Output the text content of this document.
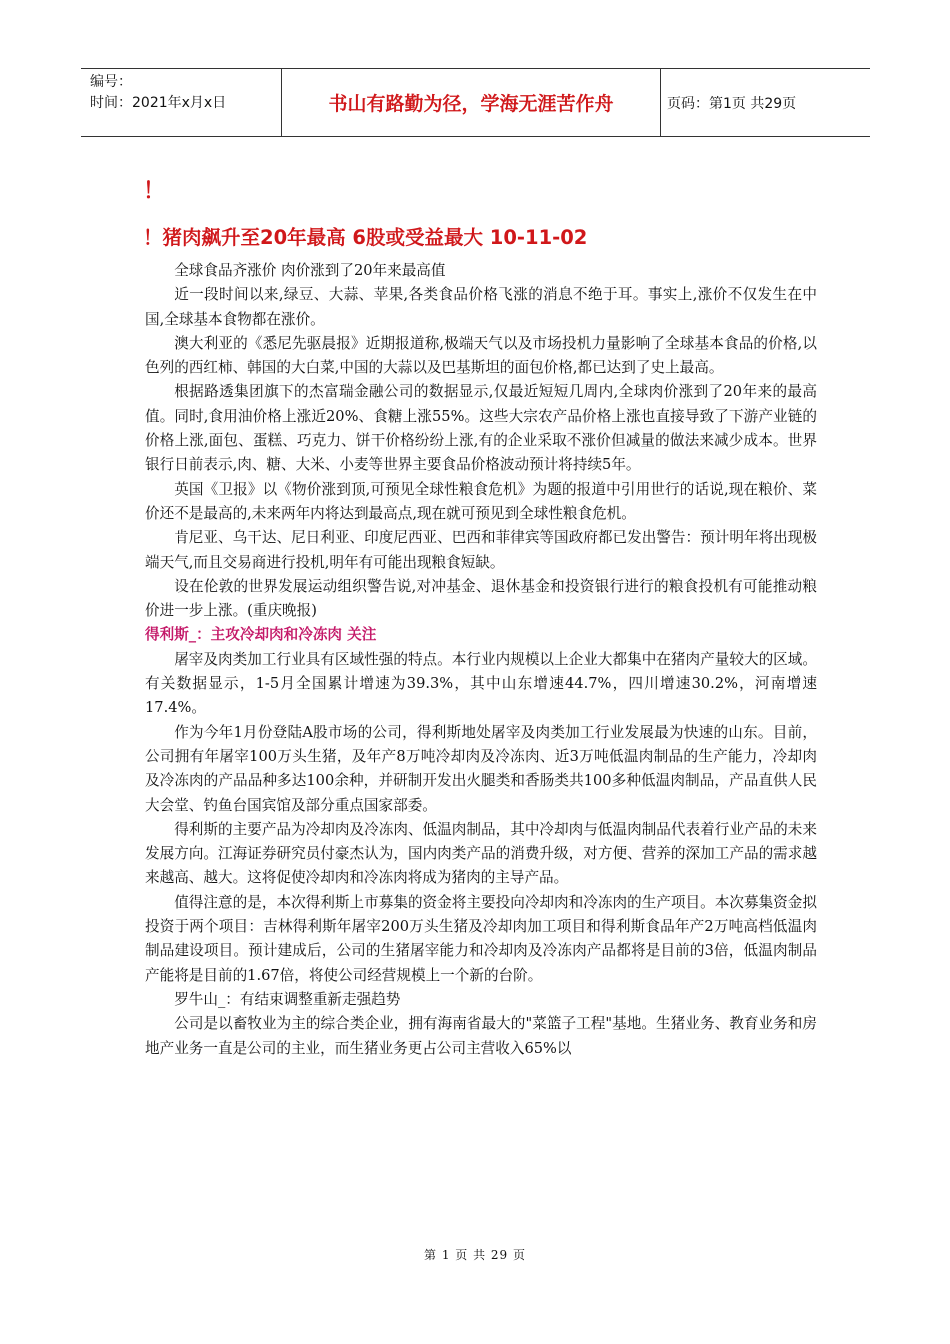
编号：
时间：2021年x月x日	书山有路勤为径，学海无涯苦作舟	页码：第1页 共29页
！
！猪肉飙升至20年最高 6股或受益最大 10-11-02

全球食品齐涨价 肉价涨到了20年来最高值

近一段时间以来,绿豆、大蒜、苹果,各类食品价格飞涨的消息不绝于耳。事实上,涨价不仅发生在中国,全球基本食物都在涨价。

澳大利亚的《悉尼先驱晨报》近期报道称,极端天气以及市场投机力量影响了全球基本食品的价格,以色列的西红柿、韩国的大白菜,中国的大蒜以及巴基斯坦的面包价格,都已达到了史上最高。

根据路透集团旗下的杰富瑞金融公司的数据显示,仅最近短短几周内,全球肉价涨到了20年来的最高值。同时,食用油价格上涨近20%、食糖上涨55%。这些大宗农产品价格上涨也直接导致了下游产业链的价格上涨,面包、蛋糕、巧克力、饼干价格纷纷上涨,有的企业采取不涨价但减量的做法来减少成本。世界银行日前表示,肉、糖、大米、小麦等世界主要食品价格波动预计将持续5年。

英国《卫报》以《物价涨到顶,可预见全球性粮食危机》为题的报道中引用世行的话说,现在粮价、菜价还不是最高的,未来两年内将达到最高点,现在就可预见到全球性粮食危机。

肯尼亚、乌干达、尼日利亚、印度尼西亚、巴西和菲律宾等国政府都已发出警告：预计明年将出现极端天气,而且交易商进行投机,明年有可能出现粮食短缺。

设在伦敦的世界发展运动组织警告说,对冲基金、退休基金和投资银行进行的粮食投机有可能推动粮价进一步上涨。(重庆晚报)

得利斯_：主攻冷却肉和冷冻肉 关注

屠宰及肉类加工行业具有区域性强的特点。本行业内规模以上企业大都集中在猪肉产量较大的区域。有关数据显示，1-5月全国累计增速为39.3%，其中山东增速44.7%，四川增速30.2%，河南增速17.4%。

作为今年1月份登陆A股市场的公司，得利斯地处屠宰及肉类加工行业发展最为快速的山东。目前，公司拥有年屠宰100万头生猪，及年产8万吨冷却肉及冷冻肉、近3万吨低温肉制品的生产能力，冷却肉及冷冻肉的产品品种多达100余种，并研制开发出火腿类和香肠类共100多种低温肉制品，产品直供人民大会堂、钓鱼台国宾馆及部分重点国家部委。

得利斯的主要产品为冷却肉及冷冻肉、低温肉制品，其中冷却肉与低温肉制品代表着行业产品的未来发展方向。江海证券研究员付豪杰认为，国内肉类产品的消费升级，对方便、营养的深加工产品的需求越来越高、越大。这将促使冷却肉和冷冻肉将成为猪肉的主导产品。

值得注意的是，本次得利斯上市募集的资金将主要投向冷却肉和冷冻肉的生产项目。本次募集资金拟投资于两个项目：吉林得利斯年屠宰200万头生猪及冷却肉加工项目和得利斯食品年产2万吨高档低温肉制品建设项目。预计建成后，公司的生猪屠宰能力和冷却肉及冷冻肉产品都将是目前的3倍，低温肉制品产能将是目前的1.67倍，将使公司经营规模上一个新的台阶。

罗牛山_：有结束调整重新走强趋势

公司是以畜牧业为主的综合类企业，拥有海南省最大的"菜篮子工程"基地。生猪业务、教育业务和房地产业务一直是公司的主业，而生猪业务更占公司主营收入65%以

第 1 页 共 29 页
